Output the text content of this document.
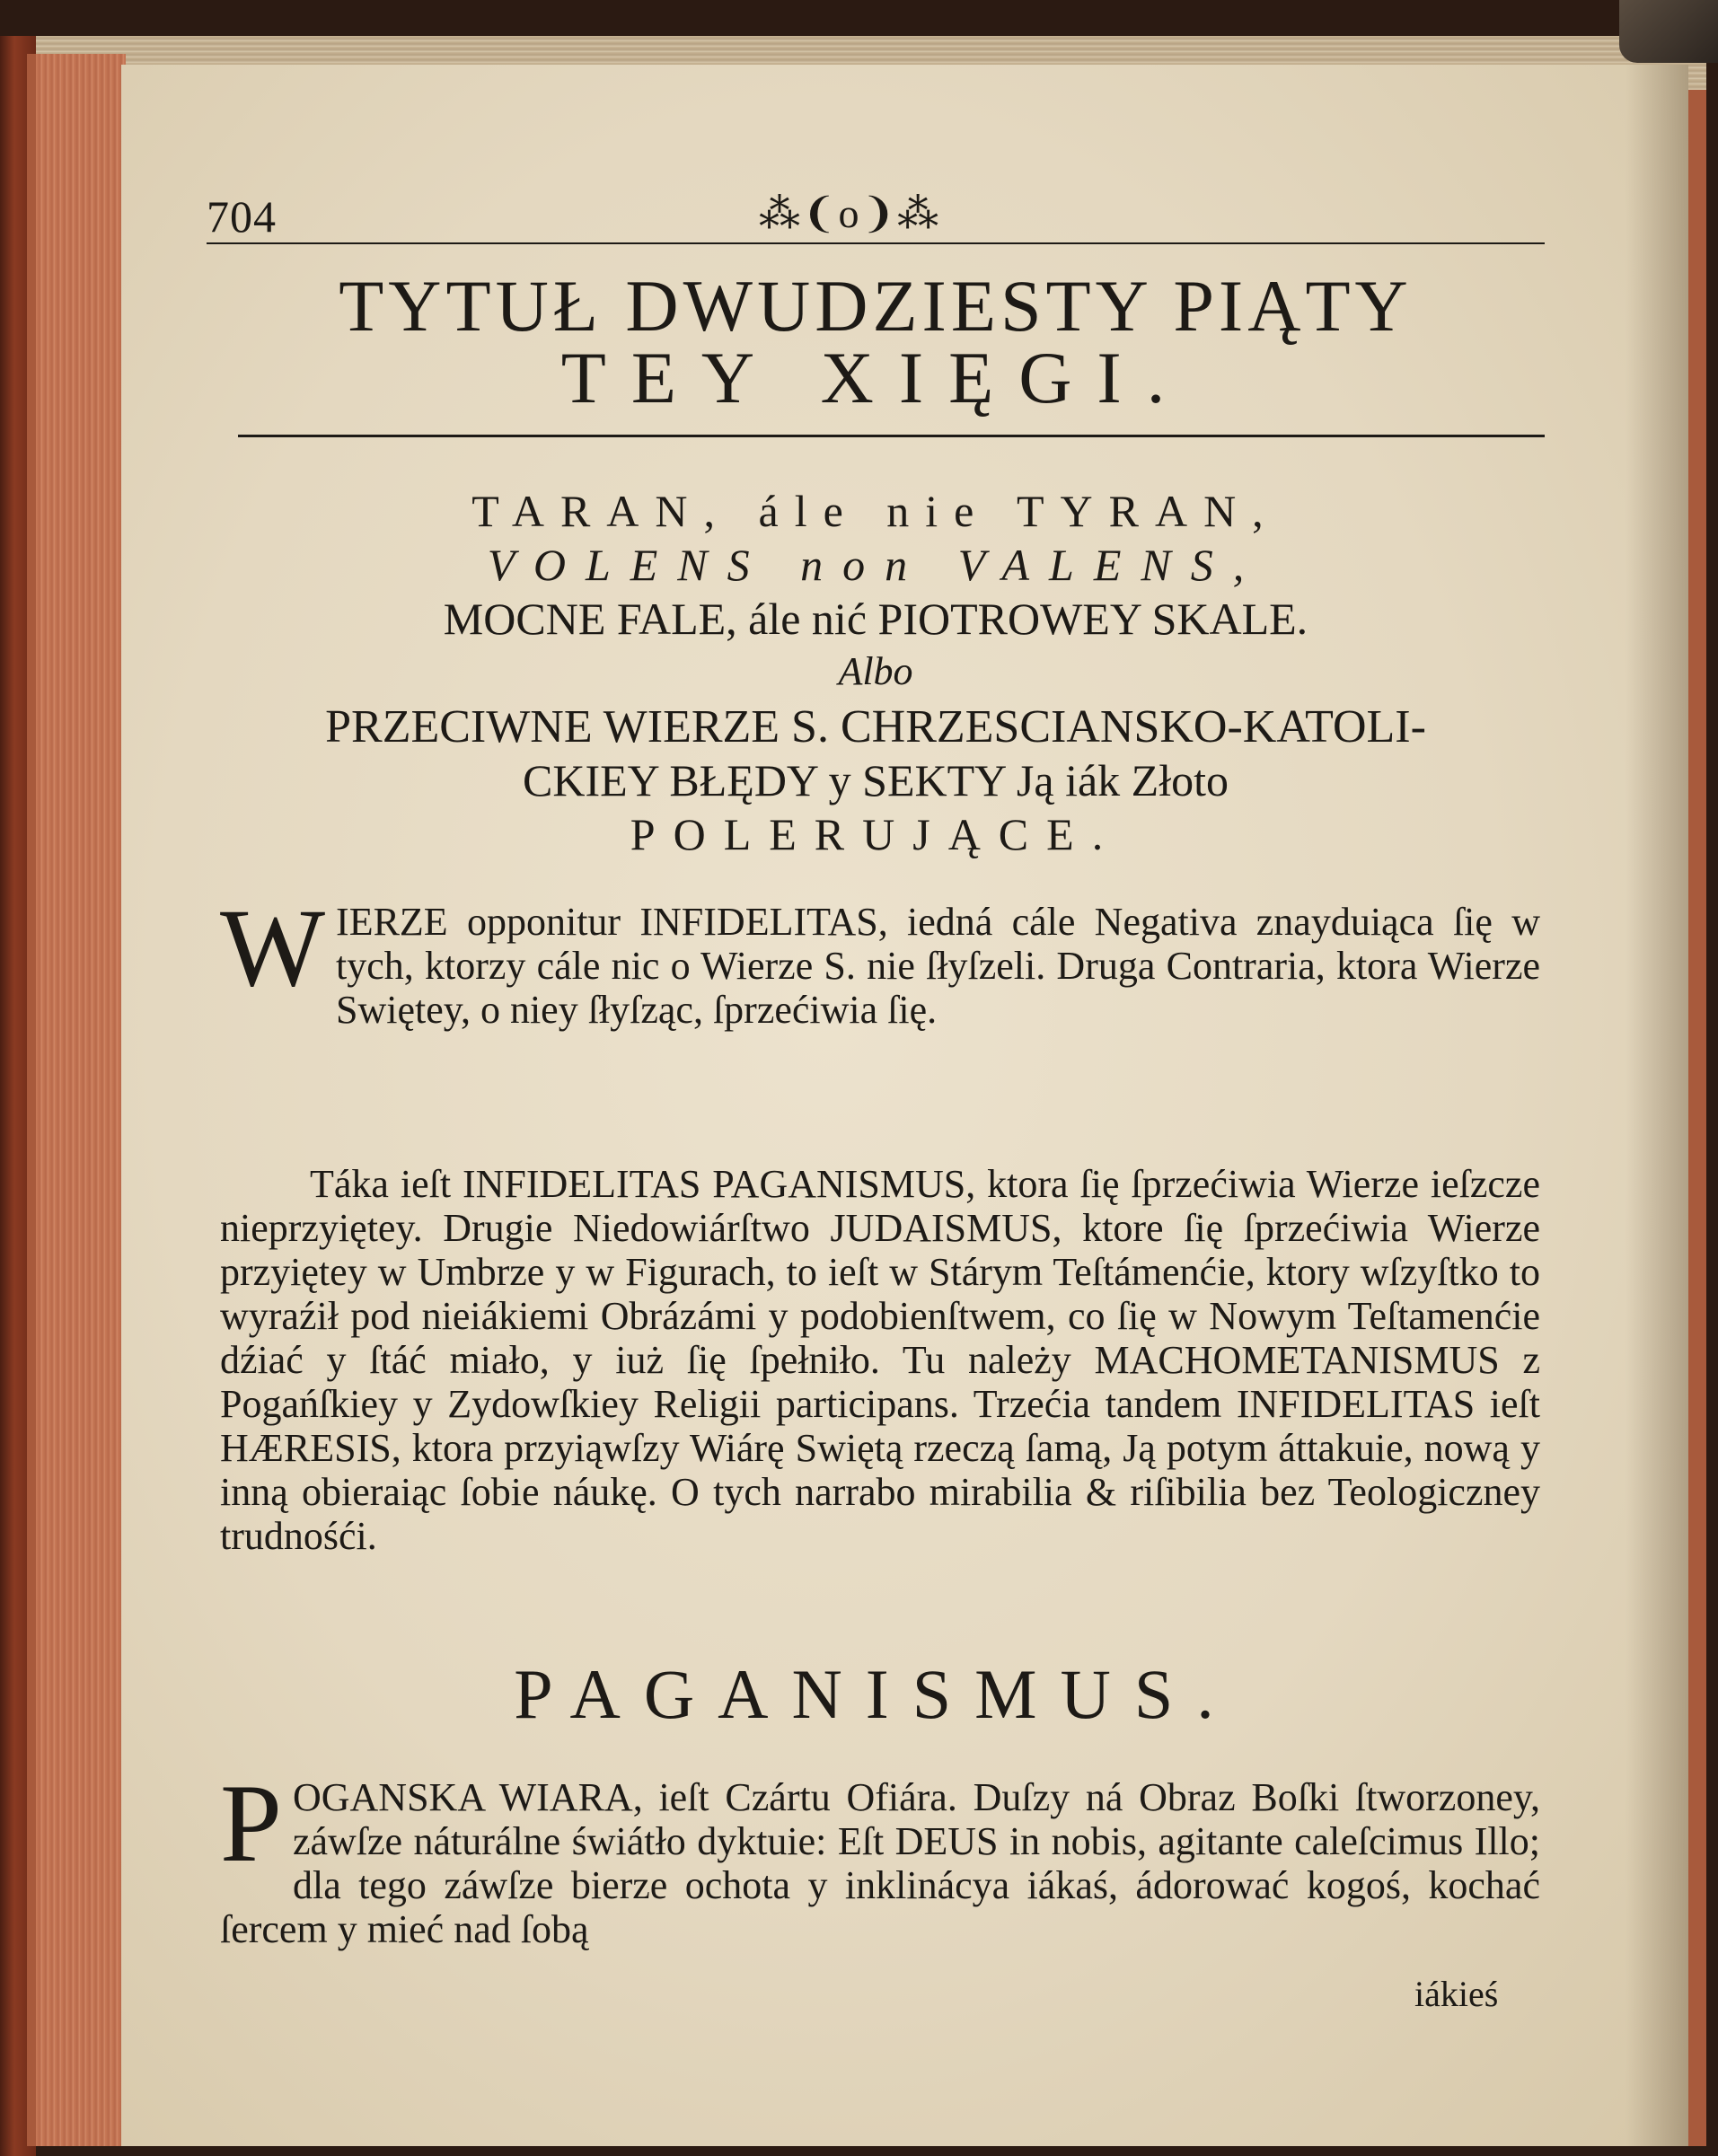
704	⁂❨o❩⁂
TYTUŁ DWUDZIESTY PIĄTY
TEY XIĘGI.
TARAN, ále nie TYRAN,
VOLENS non VALENS,
MOCNE FALE, ále nić PIOTROWEY SKALE.
Albo
PRZECIWNE WIERZE S. CHRZESCIANSKO-KATOLI-
CKIEY BŁĘDY y SEKTY Ją iák Złoto
POLERUJĄCE.
W IERZE opponitur INFIDELITAS, iedná cále Negativa znayduiąca ſię w tych, ktorzy cále nic o Wierze S. nie ſłyſzeli. Druga Contraria, ktora Wierze Swiętey, o niey ſłyſząc, ſprzećiwia ſię.
Táka ieſt INFIDELITAS PAGANISMUS, ktora ſię ſprzećiwia Wierze ieſzcze nieprzyiętey. Drugie Niedowiárſtwo JUDAISMUS, ktore ſię ſprzećiwia Wierze przyiętey w Umbrze y w Figurach, to ieſt w Stárym Teſtámenćie, ktory wſzyſtko to wyraźił pod nieiákiemi Obrázámi y podobienſtwem, co ſię w Nowym Teſtamenćie dźiać y ſtáć miało, y iuż ſię ſpełniło. Tu należy MACHOMETANISMUS z Pogańſkiey y Zydowſkiey Religii participans. Trzećia tandem INFIDELITAS ieſt HÆRESIS, ktora przyiąwſzy Wiárę Swiętą rzeczą ſamą, Ją potym áttakuie, nową y inną obieraiąc ſobie náukę. O tych narrabo mirabilia & riſibilia bez Teologiczney trudnośći.
PAGANISMUS.
P OGANSKA WIARA, ieſt Czártu Ofiára. Duſzy ná Obraz Boſki ſtworzoney, záwſze náturálne świátło dyktuie: Eſt DEUS in nobis, agitante caleſcimus Illo; dla tego záwſze bierze ochota y inklinácya iákaś, ádorować kogoś, kochać ſercem y mieć nad ſobą
iákieś
